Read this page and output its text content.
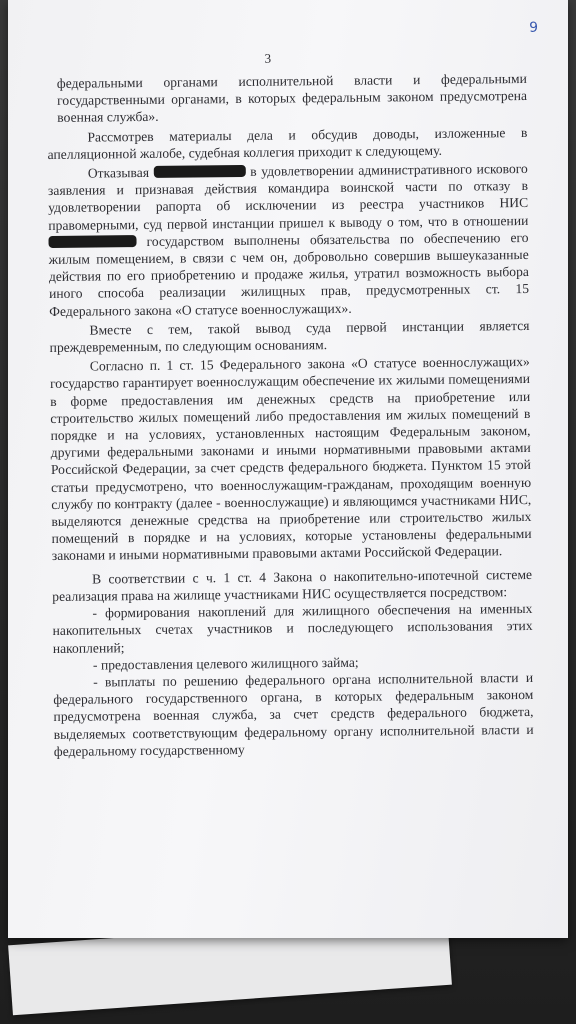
9
3

федеральными органами исполнительной власти и федеральными государственными органами, в которых федеральным законом предусмотрена военная служба».

Рассмотрев материалы дела и обсудив доводы, изложенные в апелляционной жалобе, судебная коллегия приходит к следующему.

Отказывая	в удовлетворении административного искового заявления и признавая действия командира воинской части по отказу в удовлетворении рапорта об исключении из реестра участников НИС правомерными, суд первой инстанции пришел к выводу о том, что в отношении  государством выполнены обязательства по обеспечению его жилым помещением, в связи с чем он, добровольно совершив вышеуказанные действия по его приобретению и продаже жилья, утратил возможность выбора иного способа реализации жилищных прав, предусмотренных ст. 15 Федерального закона «О статусе военнослужащих».

Вместе с тем, такой вывод суда первой инстанции является преждевременным, по следующим основаниям.

Согласно п. 1 ст. 15 Федерального закона «О статусе военнослужащих» государство гарантирует военнослужащим обеспечение их жилыми помещениями в форме предоставления им денежных средств на приобретение или строительство жилых помещений либо предоставления им жилых помещений в порядке и на условиях, установленных настоящим Федеральным законом, другими федеральными законами и иными нормативными правовыми актами Российской Федерации, за счет средств федерального бюджета. Пунктом 15 этой статьи предусмотрено, что военнослужащим-гражданам, проходящим военную службу по контракту (далее - военнослужащие) и являющимся участниками НИС, выделяются денежные средства на приобретение или строительство жилых помещений в порядке и на условиях, которые установлены федеральными законами и иными нормативными правовыми актами Российской Федерации.

В соответствии с ч. 1 ст. 4 Закона о накопительно-ипотечной системе реализация права на жилище участниками НИС осуществляется посредством:

- формирования накоплений для жилищного обеспечения на именных накопительных счетах участников и последующего использования этих накоплений;

- предоставления целевого жилищного займа;

- выплаты по решению федерального органа исполнительной власти и федерального государственного органа, в которых федеральным законом предусмотрена военная служба, за счет средств федерального бюджета, выделяемых соответствующим федеральному органу исполнительной власти и федеральному государственному
